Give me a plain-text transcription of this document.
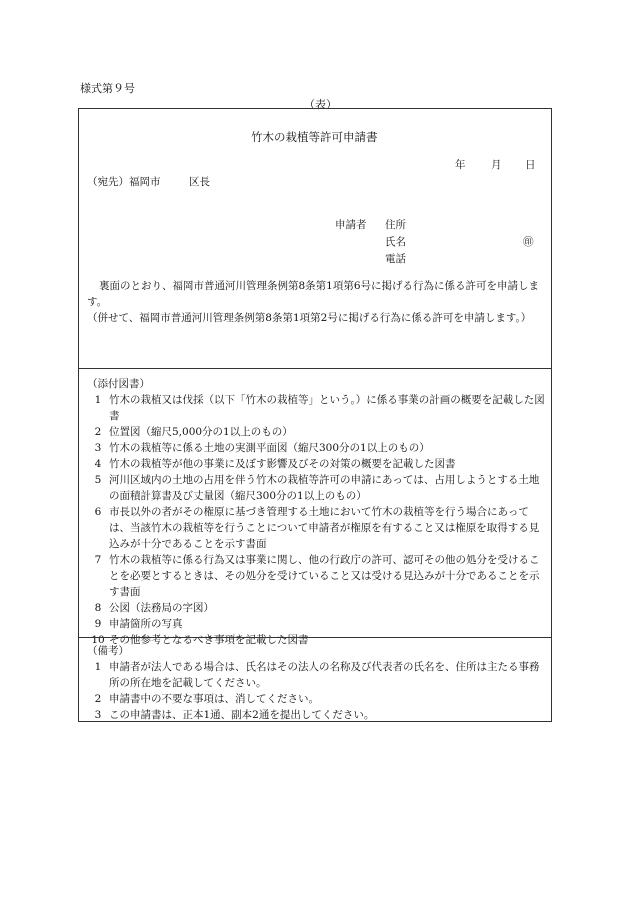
様式第９号
（表）
竹木の栽植等許可申請書
年 月 日
（宛先）福岡市	区長
申請者 住所
氏名	㊞
電話
裏面のとおり、福岡市普通河川管理条例第8条第1項第6号に掲げる行為に係る許可を申請します。
（併せて、福岡市普通河川管理条例第8条第1項第2号に掲げる行為に係る許可を申請します。）
（添付図書）
1 竹木の栽植又は伐採（以下「竹木の栽植等」という。）に係る事業の計画の概要を記載した図書
2 位置図（縮尺5,000分の1以上のもの）
3 竹木の栽植等に係る土地の実測平面図（縮尺300分の1以上のもの）
4 竹木の栽植等が他の事業に及ぼす影響及びその対策の概要を記載した図書
5 河川区域内の土地の占用を伴う竹木の栽植等許可の申請にあっては、占用しようとする土地の面積計算書及び丈量図（縮尺300分の1以上のもの）
6 市長以外の者がその権原に基づき管理する土地において竹木の栽植等を行う場合にあっては、当該竹木の栽植等を行うことについて申請者が権原を有すること又は権原を取得する見込みが十分であることを示す書面
7 竹木の栽植等に係る行為又は事業に関し、他の行政庁の許可、認可その他の処分を受けることを必要とするときは、その処分を受けていること又は受ける見込みが十分であることを示す書面
8 公図（法務局の字図）
9 申請箇所の写真
10 その他参考となるべき事項を記載した図書
（備考）
1 申請者が法人である場合は、氏名はその法人の名称及び代表者の氏名を、住所は主たる事務所の所在地を記載してください。
2 申請書中の不要な事項は、消してください。
3 この申請書は、正本1通、副本2通を提出してください。
